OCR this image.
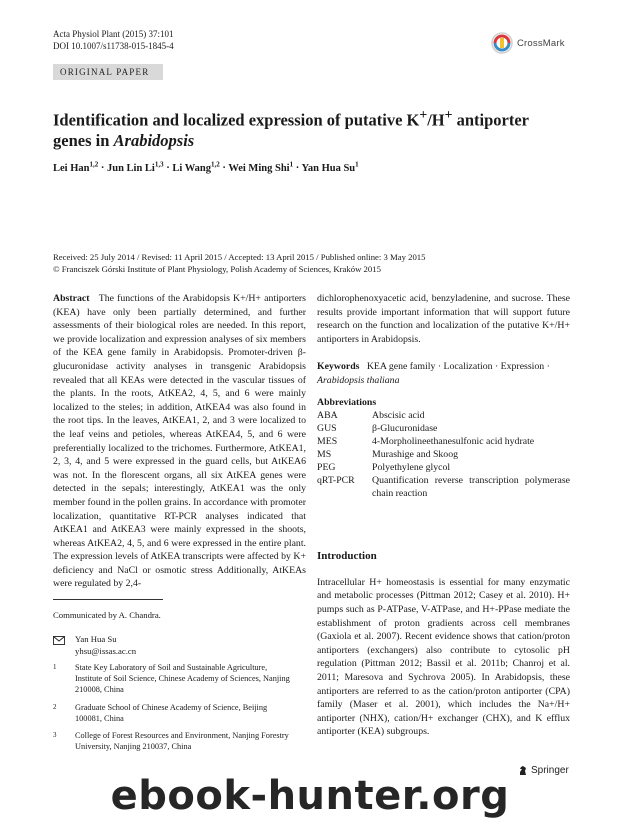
Acta Physiol Plant (2015) 37:101
DOI 10.1007/s11738-015-1845-4	CrossMark
ORIGINAL PAPER
Identification and localized expression of putative K+/H+ antiporter genes in Arabidopsis
Lei Han$^{1,2}$ · Jun Lin Li$^{1,3}$ · Li Wang$^{1,2}$ · Wei Ming Shi$^1$ · Yan Hua Su$^1$
Received: 25 July 2014 / Revised: 11 April 2015 / Accepted: 13 April 2015 / Published online: 3 May 2015
© Franciszek Górski Institute of Plant Physiology, Polish Academy of Sciences, Kraków 2015

Abstract The functions of the Arabidopsis K+/H+ antiporters (KEA) have only been partially determined, and further assessments of their biological roles are needed. In this report, we provide localization and expression analyses of six members of the KEA gene family in Arabidopsis. Promoter-driven β-glucuronidase activity analyses in transgenic Arabidopsis revealed that all KEAs were detected in the vascular tissues of the plants. In the roots, AtKEA2, 4, 5, and 6 were mainly localized to the steles; in addition, AtKEA4 was also found in the root tips. In the leaves, AtKEA1, 2, and 3 were localized to the leaf veins and petioles, whereas AtKEA4, 5, and 6 were preferentially localized to the trichomes. Furthermore, AtKEA1, 2, 3, 4, and 5 were expressed in the guard cells, but AtKEA6 was not. In the florescent organs, all six AtKEA genes were detected in the sepals; interestingly, AtKEA1 was the only member found in the pollen grains. In accordance with promoter localization, quantitative RT-PCR analyses indicated that AtKEA1 and AtKEA3 were mainly expressed in the shoots, whereas AtKEA2, 4, 5, and 6 were expressed in the entire plant. The expression levels of AtKEA transcripts were affected by K+ deficiency and NaCl or osmotic stress Additionally, AtKEAs were regulated by 2,4-

Communicated by A. Chandra.
Yan Hua Su
yhsu@issas.ac.cn
1 State Key Laboratory of Soil and Sustainable Agriculture, Institute of Soil Science, Chinese Academy of Sciences, Nanjing 210008, China
2 Graduate School of Chinese Academy of Science, Beijing 100081, China
3 College of Forest Resources and Environment, Nanjing Forestry University, Nanjing 210037, China

dichlorophenoxyacetic acid, benzyladenine, and sucrose. These results provide important information that will support future research on the function and localization of the putative K+/H+ antiporters in Arabidopsis.

Keywords KEA gene family · Localization · Expression · Arabidopsis thaliana

Abbreviations
ABA	Abscisic acid
GUS	β-Glucuronidase
MES	4-Morpholineethanesulfonic acid hydrate
MS	Murashige and Skoog
PEG	Polyethylene glycol
qRT-PCR	Quantification reverse transcription polymerase chain reaction
Introduction

Intracellular H+ homeostasis is essential for many enzymatic and metabolic processes (Pittman 2012; Casey et al. 2010). H+ pumps such as P-ATPase, V-ATPase, and H+-PPase mediate the establishment of proton gradients across cell membranes (Gaxiola et al. 2007). Recent evidence shows that cation/proton antiporters (exchangers) also contribute to cytosolic pH regulation (Pittman 2012; Bassil et al. 2011b; Chanroj et al. 2011; Maresova and Sychrova 2005). In Arabidopsis, these antiporters are referred to as the cation/proton antiporter (CPA) family (Maser et al. 2001), which includes the Na+/H+ antiporter (NHX), cation/H+ exchanger (CHX), and K efflux antiporter (KEA) subgroups.

Springer
ebook-hunter.org
